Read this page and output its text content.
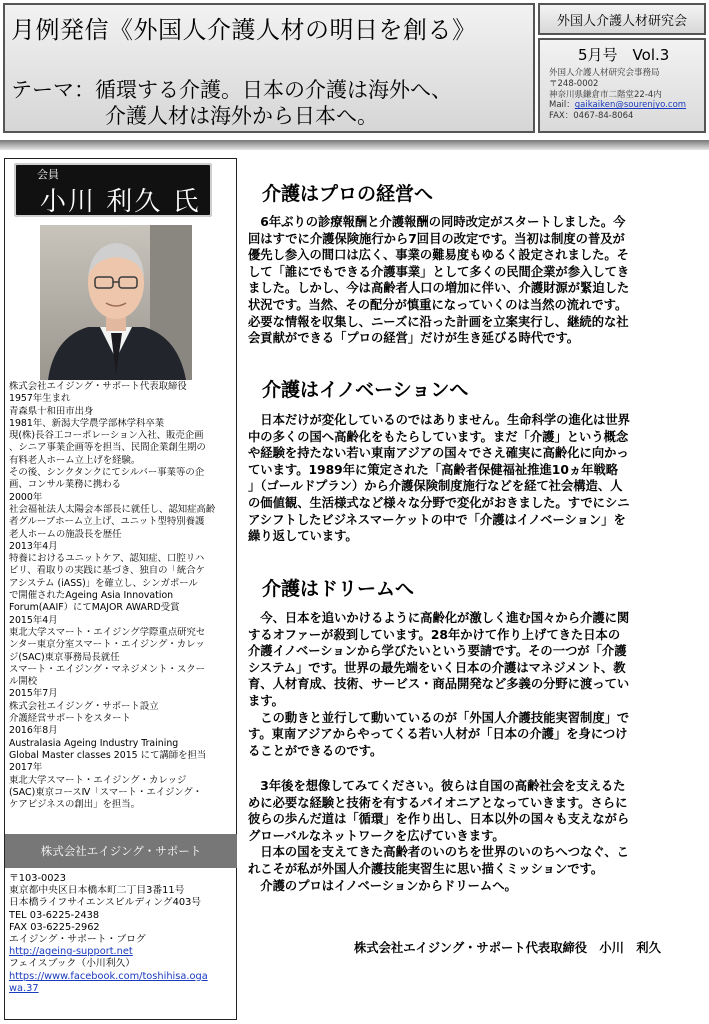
月例発信《外国人介護人材の明日を創る》
テーマ：循環する介護。日本の介護は海外へ、
介護人材は海外から日本へ。
外国人介護人材研究会
5月号　Vol.3
外国人介護人材研究会事務局
〒248-0002
神奈川県鎌倉市二階堂22-4内
Mail：gaikaiken@sourenjyo.com
FAX：0467-84-8064
会員
小川 利久 氏
株式会社エイジング・サポート代表取締役
1957年生まれ
青森県十和田市出身
1981年、新潟大学農学部林学科卒業
現(株)長谷工コーポレーション入社、販売企画
、シニア事業企画等を担当、民間企業創生期の
有料老人ホーム立上げを経験。
その後、シンクタンクにてシルバー事業等の企
画、コンサル業務に携わる
2000年
社会福祉法人太陽会本部長に就任し、認知症高齢
者グループホーム立上げ、ユニット型特別養護
老人ホームの施設長を歴任
2013年4月
特養におけるユニットケア、認知症、口腔リハ
ビリ、看取りの実践に基づき、独自の「統合ケ
アシステム (iASS)」を確立し、シンガポール
で開催されたAgeing Asia Innovation
Forum(AAIF）にてMAJOR AWARD受賞
2015年4月
東北大学スマート・エイジング学際重点研究セ
ンター東京分室スマート・エイジング・カレッ
ジ(SAC)東京事務局長就任
スマート・エイジング・マネジメント・スクー
ル開校
2015年7月
株式会社エイジング・サポート設立
介護経営サポートをスタート
2016年8月
Australasia Ageing Industry Training
Global Master classes 2015 にて講師を担当
2017年
東北大学スマート・エイジング・カレッジ
(SAC)東京コースⅣ「スマート・エイジング・
ケアビジネスの創出」を担当。
株式会社エイジング・サポート
〒103-0023
東京都中央区日本橋本町二丁目3番11号
日本橋ライフサイエンスビルディング403号
TEL 03-6225-2438
FAX 03-6225-2962
エイジング・サポート・ブログ
http://ageing-support.net
フェイスブック（小川利久）
https://www.facebook.com/toshihisa.oga
wa.37
介護はプロの経営へ
　6年ぶりの診療報酬と介護報酬の同時改定がスタートしました。今
回はすでに介護保険施行から7回目の改定です。当初は制度の普及が
優先し参入の間口は広く、事業の難易度もゆるく設定されました。そ
して「誰にでもできる介護事業」として多くの民間企業が参入してき
ました。しかし、今は高齢者人口の増加に伴い、介護財源が緊迫した
状況です。当然、その配分が慎重になっていくのは当然の流れです。
必要な情報を収集し、ニーズに沿った計画を立案実行し、継続的な社
会貢献ができる「プロの経営」だけが生き延びる時代です。
介護はイノベーションへ
　日本だけが変化しているのではありません。生命科学の進化は世界
中の多くの国へ高齢化をもたらしています。まだ「介護」という概念
や経験を持たない若い東南アジアの国々でさえ確実に高齢化に向かっ
ています。1989年に策定された「高齢者保健福祉推進10ヵ年戦略
」（ゴールドプラン）から介護保険制度施行などを経て社会構造、人
の価値観、生活様式など様々な分野で変化がおきました。すでにシニ
アシフトしたビジネスマーケットの中で「介護はイノベーション」を
繰り返しています。
介護はドリームへ
　今、日本を追いかけるように高齢化が激しく進む国々から介護に関
するオファーが殺到しています。28年かけて作り上げてきた日本の
介護イノベーションから学びたいという要請です。その一つが「介護
システム」です。世界の最先端をいく日本の介護はマネジメント、教
育、人材育成、技術、サービス・商品開発など多義の分野に渡ってい
ます。
　この動きと並行して動いているのが「外国人介護技能実習制度」で
す。東南アジアからやってくる若い人材が「日本の介護」を身につけ
ることができるのです。
　3年後を想像してみてください。彼らは自国の高齢社会を支えるた
めに必要な経験と技術を有するパイオニアとなっていきます。さらに
彼らの歩んだ道は「循環」を作り出し、日本以外の国々も支えながら
グローバルなネットワークを広げていきます。
　日本の国を支えてきた高齢者のいのちを世界のいのちへつなぐ、こ
れこそが私が外国人介護技能実習生に思い描くミッションです。
　介護のプロはイノベーションからドリームへ。
株式会社エイジング・サポート代表取締役　小川　利久
